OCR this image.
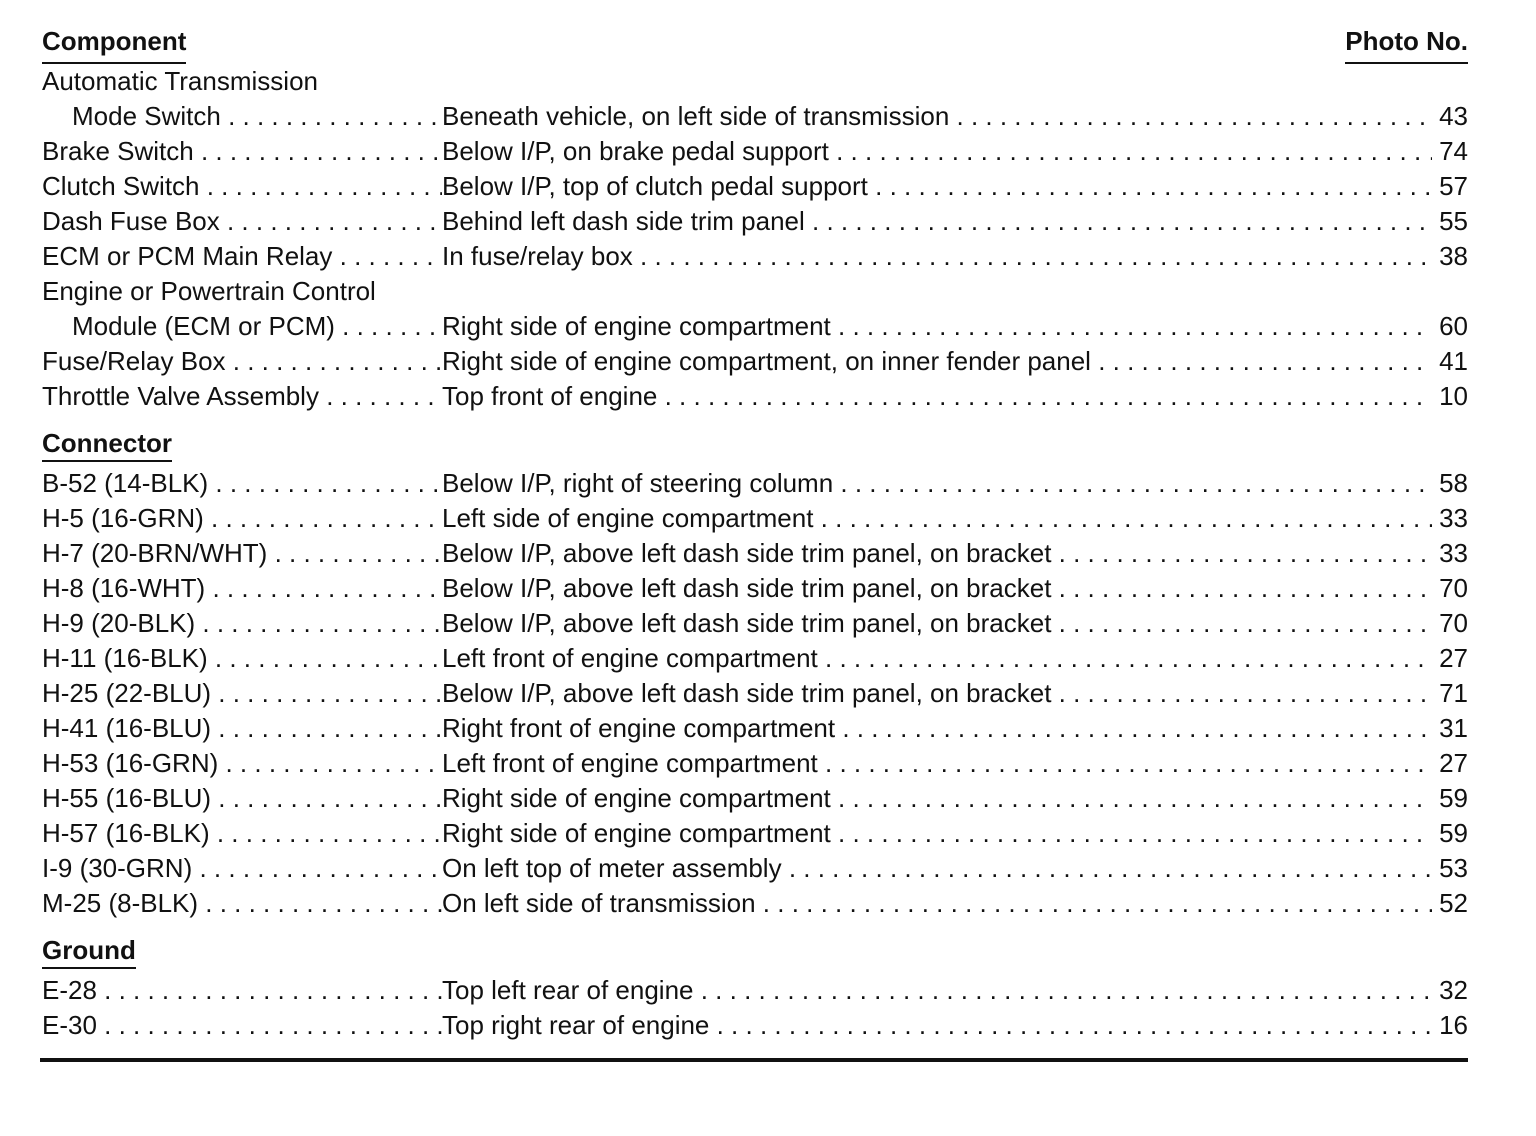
Component	Photo No.
Automatic Transmission
Mode Switch . . .	Beneath vehicle, on left side of transmission . . .	43
Brake Switch . . .	Below I/P, on brake pedal support . . .	74
Clutch Switch . . .	Below I/P, top of clutch pedal support . . .	57
Dash Fuse Box . . .	Behind left dash side trim panel . . .	55
ECM or PCM Main Relay . . .	In fuse/relay box . . .	38
Engine or Powertrain Control
Module (ECM or PCM) . . .	Right side of engine compartment . . .	60
Fuse/Relay Box . . .	Right side of engine compartment, on inner fender panel . . .	41
Throttle Valve Assembly . . .	Top front of engine . . .	10
Connector
B-52 (14-BLK) . . .	Below I/P, right of steering column . . .	58
H-5 (16-GRN) . . .	Left side of engine compartment . . .	33
H-7 (20-BRN/WHT) . . .	Below I/P, above left dash side trim panel, on bracket . . .	33
H-8 (16-WHT) . . .	Below I/P, above left dash side trim panel, on bracket . . .	70
H-9 (20-BLK) . . .	Below I/P, above left dash side trim panel, on bracket . . .	70
H-11 (16-BLK) . . .	Left front of engine compartment . . .	27
H-25 (22-BLU) . . .	Below I/P, above left dash side trim panel, on bracket . . .	71
H-41 (16-BLU) . . .	Right front of engine compartment . . .	31
H-53 (16-GRN) . . .	Left front of engine compartment . . .	27
H-55 (16-BLU) . . .	Right side of engine compartment . . .	59
H-57 (16-BLK) . . .	Right side of engine compartment . . .	59
I-9 (30-GRN) . . .	On left top of meter assembly . . .	53
M-25 (8-BLK) . . .	On left side of transmission . . .	52
Ground
E-28 . . .	Top left rear of engine . . .	32
E-30 . . .	Top right rear of engine . . .	16
